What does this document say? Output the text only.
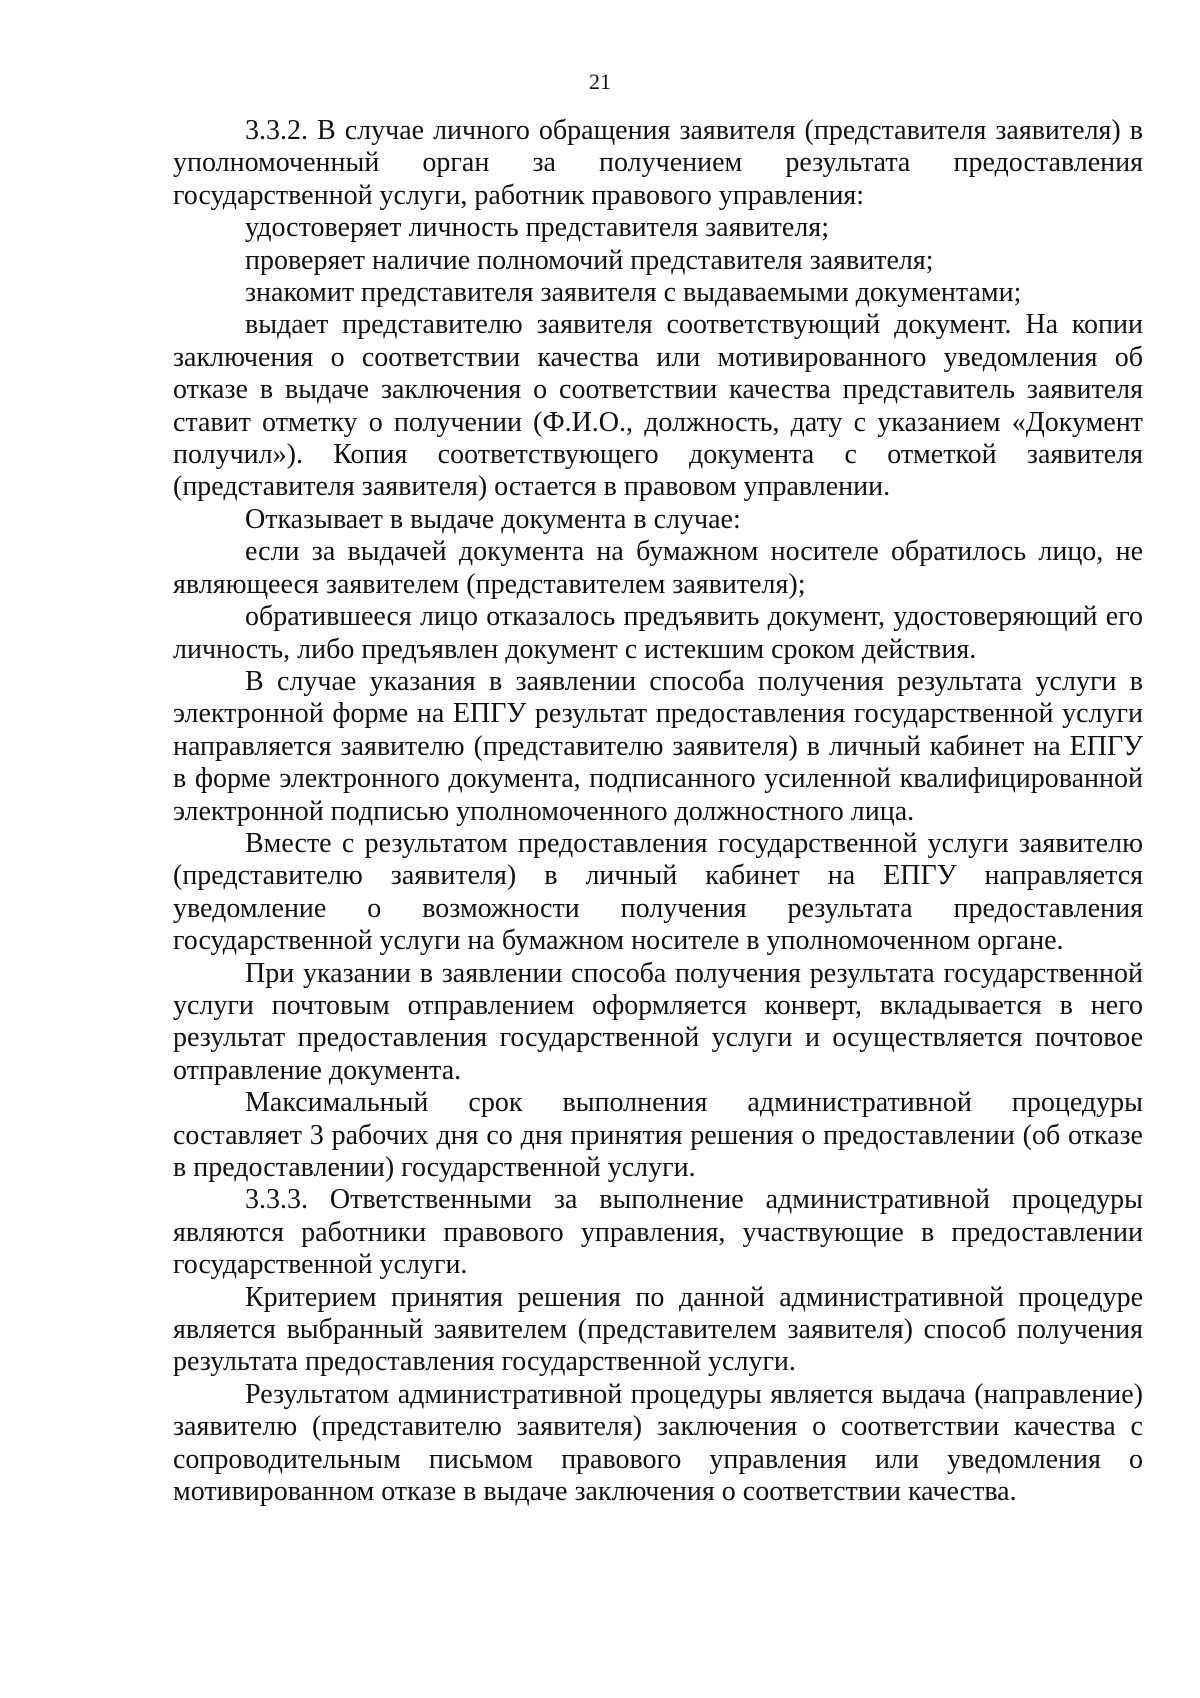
21

3.3.2. В случае личного обращения заявителя (представителя заявителя) в уполномоченный орган за получением результата предоставления государственной услуги, работник правового управления:

удостоверяет личность представителя заявителя;

проверяет наличие полномочий представителя заявителя;

знакомит представителя заявителя с выдаваемыми документами;

выдает представителю заявителя соответствующий документ. На копии заключения о соответствии качества или мотивированного уведомления об отказе в выдаче заключения о соответствии качества представитель заявителя ставит отметку о получении (Ф.И.О., должность, дату с указанием «Документ получил»). Копия соответствующего документа с отметкой заявителя (представителя заявителя) остается в правовом управлении.

Отказывает в выдаче документа в случае:

если за выдачей документа на бумажном носителе обратилось лицо, не являющееся заявителем (представителем заявителя);

обратившееся лицо отказалось предъявить документ, удостоверяющий его личность, либо предъявлен документ с истекшим сроком действия.

В случае указания в заявлении способа получения результата услуги в электронной форме на ЕПГУ результат предоставления государственной услуги направляется заявителю (представителю заявителя) в личный кабинет на ЕПГУ в форме электронного документа, подписанного усиленной квалифицированной электронной подписью уполномоченного должностного лица.

Вместе с результатом предоставления государственной услуги заявителю (представителю заявителя) в личный кабинет на ЕПГУ направляется уведомление о возможности получения результата предоставления государственной услуги на бумажном носителе в уполномоченном органе.

При указании в заявлении способа получения результата государственной услуги почтовым отправлением оформляется конверт, вкладывается в него результат предоставления государственной услуги и осуществляется почтовое отправление документа.

Максимальный срок выполнения административной процедуры составляет 3 рабочих дня со дня принятия решения о предоставлении (об отказе в предоставлении) государственной услуги.

3.3.3. Ответственными за выполнение административной процедуры являются работники правового управления, участвующие в предоставлении государственной услуги.

Критерием принятия решения по данной административной процедуре является выбранный заявителем (представителем заявителя) способ получения результата предоставления государственной услуги.

Результатом административной процедуры является выдача (направление) заявителю (представителю заявителя) заключения о соответствии качества с сопроводительным письмом правового управления или уведомления о мотивированном отказе в выдаче заключения о соответствии качества.
